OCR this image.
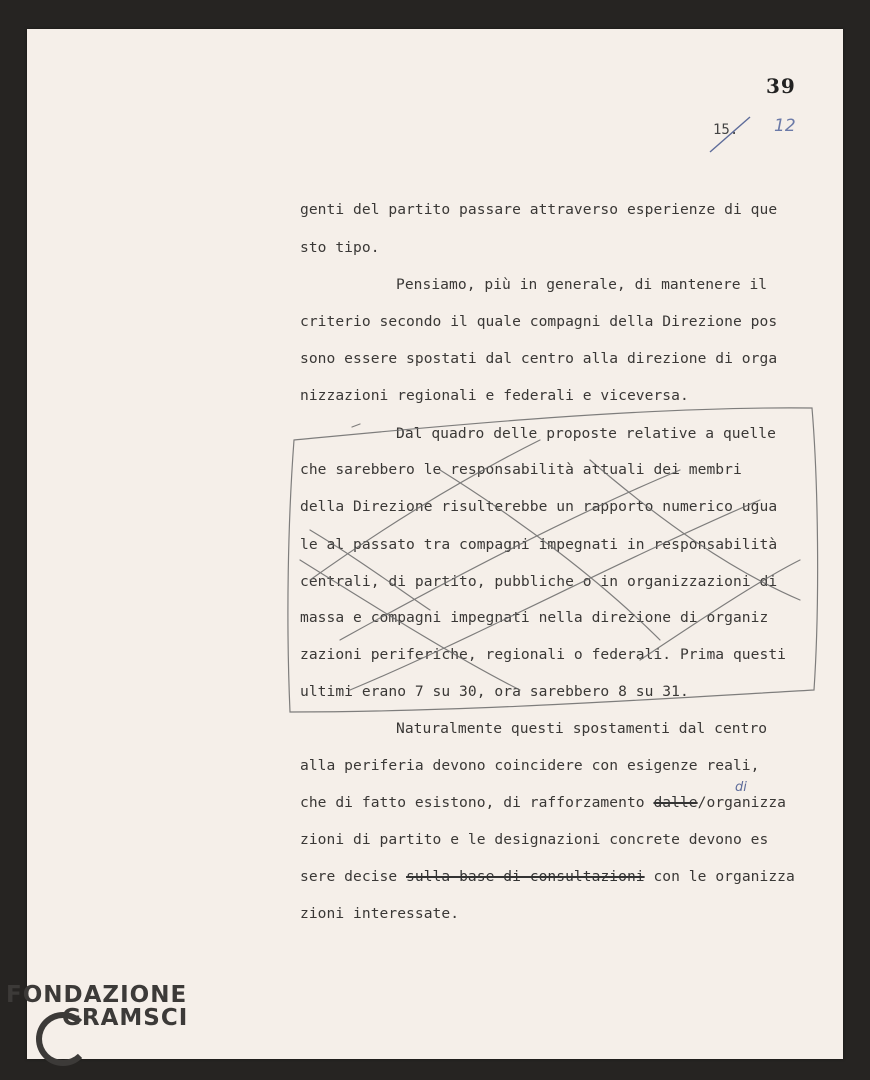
39
15. 12
genti del partito passare attraverso esperienze di que
sto tipo.
Pensiamo, più in generale, di mantenere il
criterio secondo il quale compagni della Direzione pos
sono essere spostati dal centro alla direzione di orga
nizzazioni regionali e federali e viceversa.
Dal quadro delle proposte relative a quelle
che sarebbero le responsabilità attuali dei membri
della Direzione risulterebbe un rapporto numerico ugua
le al passato tra compagni impegnati in responsabilità
centrali, di partito, pubbliche o in organizzazioni di
massa e compagni impegnati nella direzione di organiz
zazioni periferiche, regionali o federali. Prima questi
ultimi erano 7 su 30, ora sarebbero 8 su 31.
Naturalmente questi spostamenti dal centro
alla periferia devono coincidere con esigenze reali,
che di fatto esistono, di rafforzamento dalle/organizza
di
zioni di partito e le designazioni concrete devono es
sere decise sulla base di consultazioni con le organizza
zioni interessate.
FONDAZIONE
GRAMSCI
